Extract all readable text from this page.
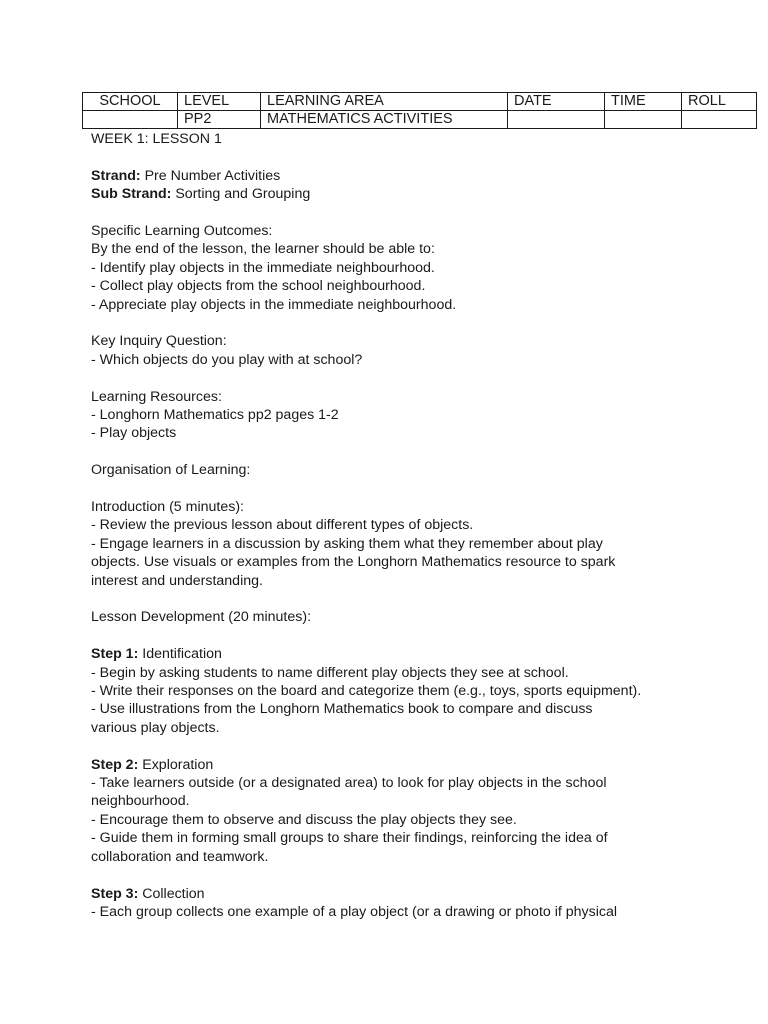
SCHOOL	LEVEL	LEARNING AREA	DATE	TIME	ROLL
	PP2	MATHEMATICS ACTIVITIES			
WEEK 1: LESSON 1
Strand: Pre Number Activities
Sub Strand: Sorting and Grouping
Specific Learning Outcomes:
By the end of the lesson, the learner should be able to:
- Identify play objects in the immediate neighbourhood.
- Collect play objects from the school neighbourhood.
- Appreciate play objects in the immediate neighbourhood.
Key Inquiry Question:
- Which objects do you play with at school?
Learning Resources:
- Longhorn Mathematics pp2 pages 1-2
- Play objects
Organisation of Learning:
Introduction (5 minutes):
- Review the previous lesson about different types of objects.
- Engage learners in a discussion by asking them what they remember about play
objects. Use visuals or examples from the Longhorn Mathematics resource to spark
interest and understanding.
Lesson Development (20 minutes):
Step 1: Identification
- Begin by asking students to name different play objects they see at school.
- Write their responses on the board and categorize them (e.g., toys, sports equipment).
- Use illustrations from the Longhorn Mathematics book to compare and discuss
various play objects.
Step 2: Exploration
- Take learners outside (or a designated area) to look for play objects in the school
neighbourhood.
- Encourage them to observe and discuss the play objects they see.
- Guide them in forming small groups to share their findings, reinforcing the idea of
collaboration and teamwork.
Step 3: Collection
- Each group collects one example of a play object (or a drawing or photo if physical
